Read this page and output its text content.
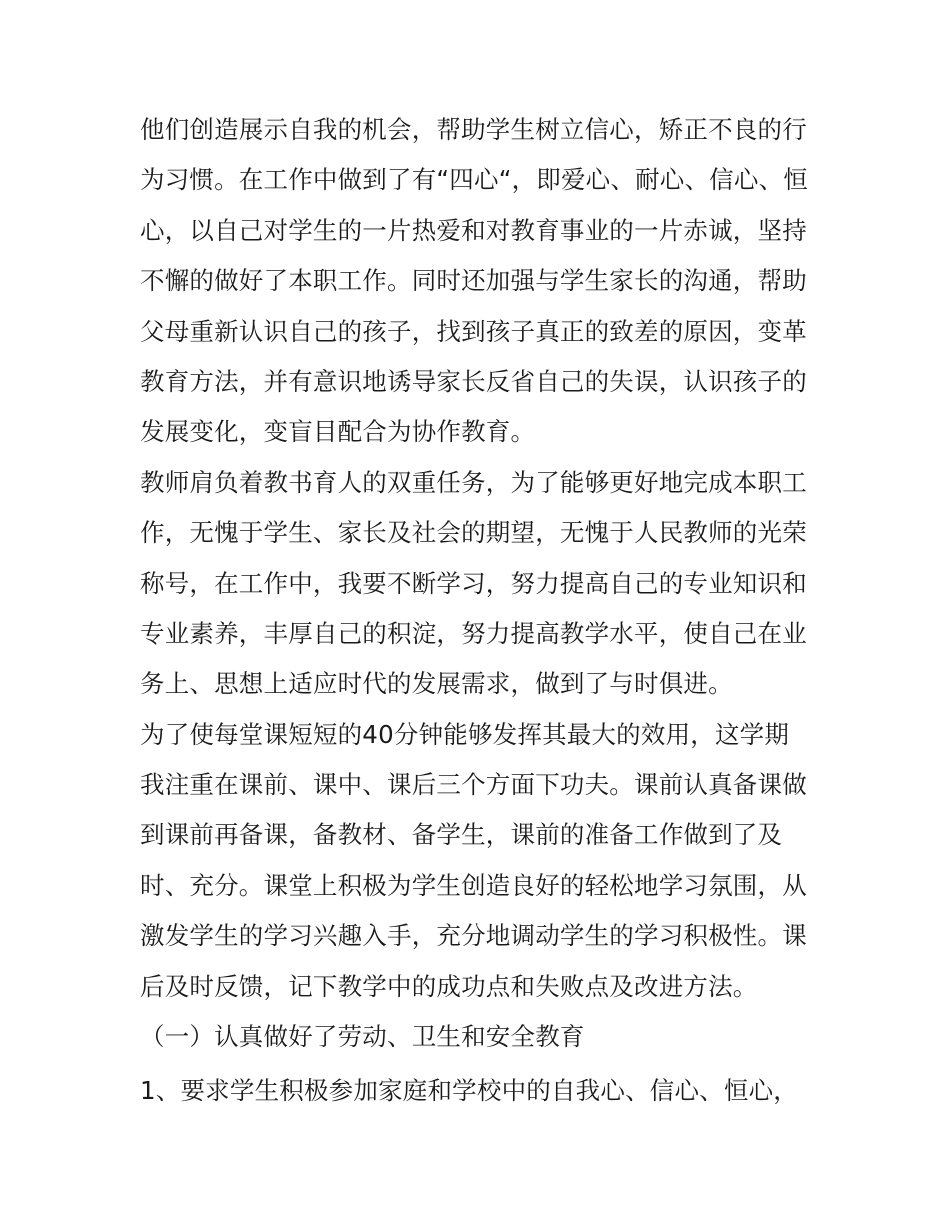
他们创造展示自我的机会，帮助学生树立信心，矫正不良的行
为习惯。在工作中做到了有“四心“，即爱心、耐心、信心、恒
心，以自己对学生的一片热爱和对教育事业的一片赤诚，坚持
不懈的做好了本职工作。同时还加强与学生家长的沟通，帮助
父母重新认识自己的孩子，找到孩子真正的致差的原因，变革
教育方法，并有意识地诱导家长反省自己的失误，认识孩子的
发展变化，变盲目配合为协作教育。
教师肩负着教书育人的双重任务，为了能够更好地完成本职工
作，无愧于学生、家长及社会的期望，无愧于人民教师的光荣
称号，在工作中，我要不断学习，努力提高自己的专业知识和
专业素养，丰厚自己的积淀，努力提高教学水平，使自己在业
务上、思想上适应时代的发展需求，做到了与时俱进。
为了使每堂课短短的40分钟能够发挥其最大的效用，这学期
我注重在课前、课中、课后三个方面下功夫。课前认真备课做
到课前再备课，备教材、备学生，课前的准备工作做到了及
时、充分。课堂上积极为学生创造良好的轻松地学习氛围，从
激发学生的学习兴趣入手，充分地调动学生的学习积极性。课
后及时反馈，记下教学中的成功点和失败点及改进方法。
（一）认真做好了劳动、卫生和安全教育
1、要求学生积极参加家庭和学校中的自我心、信心、恒心，
